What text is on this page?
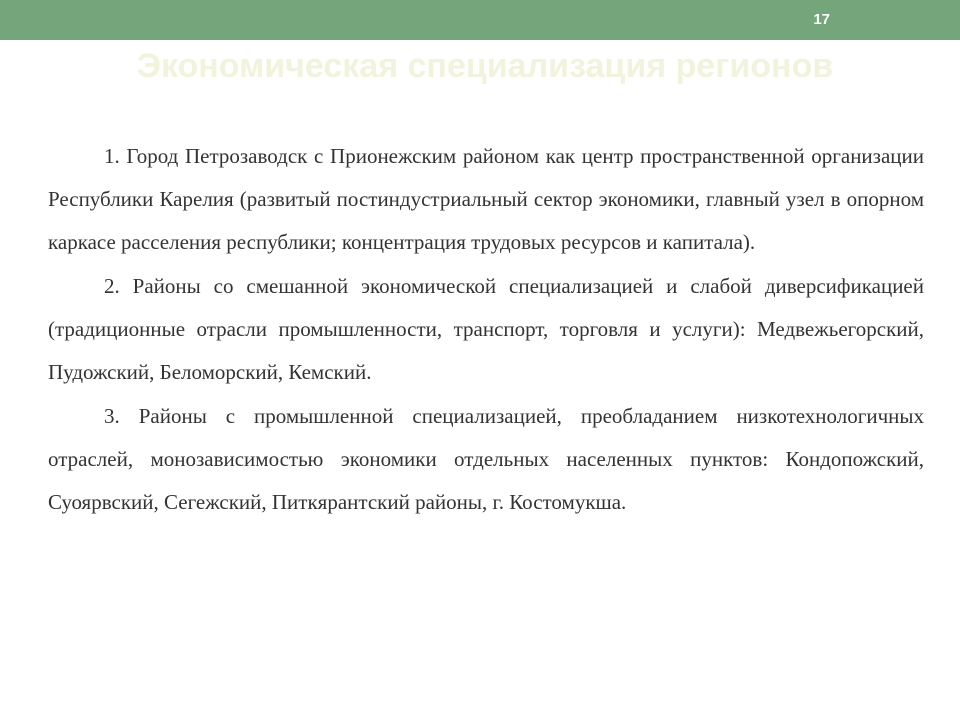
17
Экономическая специализация регионов

1. Город Петрозаводск с Прионежским районом как центр пространственной организации Республики Карелия (развитый постиндустриальный сектор экономики, главный узел в опорном каркасе расселения республики; концентрация трудовых ресурсов и капитала).

2. Районы со смешанной экономической специализацией и слабой диверсификацией (традиционные отрасли промышленности, транспорт, торговля и услуги): Медвежьегорский, Пудожский, Беломорский, Кемский.

3. Районы с промышленной специализацией, преобладанием низкотехнологичных отраслей, монозависимостью экономики отдельных населенных пунктов: Кондопожский, Суоярвский, Сегежский, Питкярантский районы, г. Костомукша.
